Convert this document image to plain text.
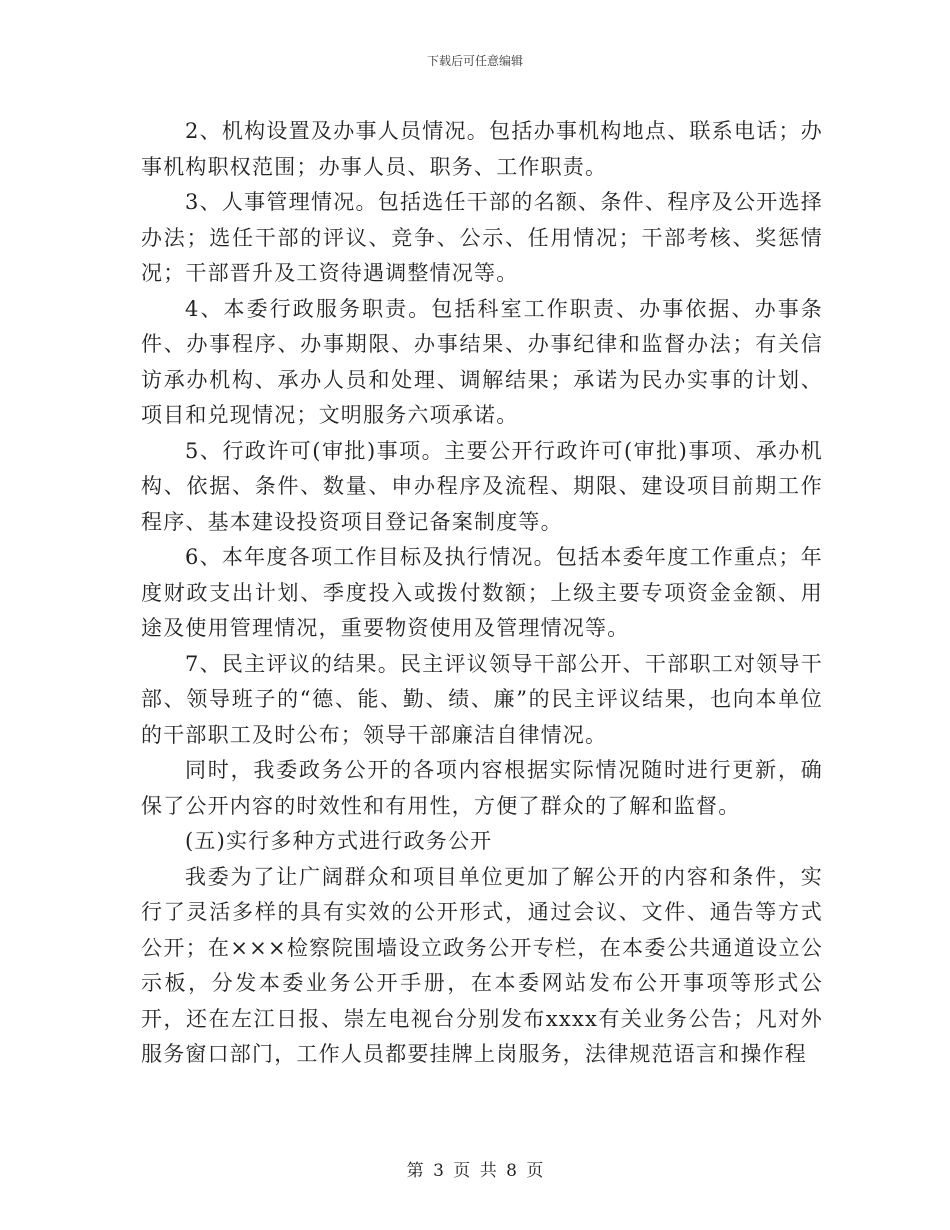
下载后可任意编辑

2、机构设置及办事人员情况。包括办事机构地点、联系电话；办事机构职权范围；办事人员、职务、工作职责。

3、人事管理情况。包括选任干部的名额、条件、程序及公开选择办法；选任干部的评议、竞争、公示、任用情况；干部考核、奖惩情况；干部晋升及工资待遇调整情况等。

4、本委行政服务职责。包括科室工作职责、办事依据、办事条件、办事程序、办事期限、办事结果、办事纪律和监督办法；有关信访承办机构、承办人员和处理、调解结果；承诺为民办实事的计划、项目和兑现情况；文明服务六项承诺。

5、行政许可(审批)事项。主要公开行政许可(审批)事项、承办机构、依据、条件、数量、申办程序及流程、期限、建设项目前期工作程序、基本建设投资项目登记备案制度等。

6、本年度各项工作目标及执行情况。包括本委年度工作重点；年度财政支出计划、季度投入或拨付数额；上级主要专项资金金额、用途及使用管理情况，重要物资使用及管理情况等。

7、民主评议的结果。民主评议领导干部公开、干部职工对领导干部、领导班子的“德、能、勤、绩、廉”的民主评议结果，也向本单位的干部职工及时公布；领导干部廉洁自律情况。

同时，我委政务公开的各项内容根据实际情况随时进行更新，确保了公开内容的时效性和有用性，方便了群众的了解和监督。

(五)实行多种方式进行政务公开

我委为了让广阔群众和项目单位更加了解公开的内容和条件，实行了灵活多样的具有实效的公开形式，通过会议、文件、通告等方式公开；在×××检察院围墙设立政务公开专栏，在本委公共通道设立公示板，分发本委业务公开手册，在本委网站发布公开事项等形式公开，还在左江日报、崇左电视台分别发布xxxx有关业务公告；凡对外服务窗口部门，工作人员都要挂牌上岗服务，法律规范语言和操作程

第 3 页 共 8 页
